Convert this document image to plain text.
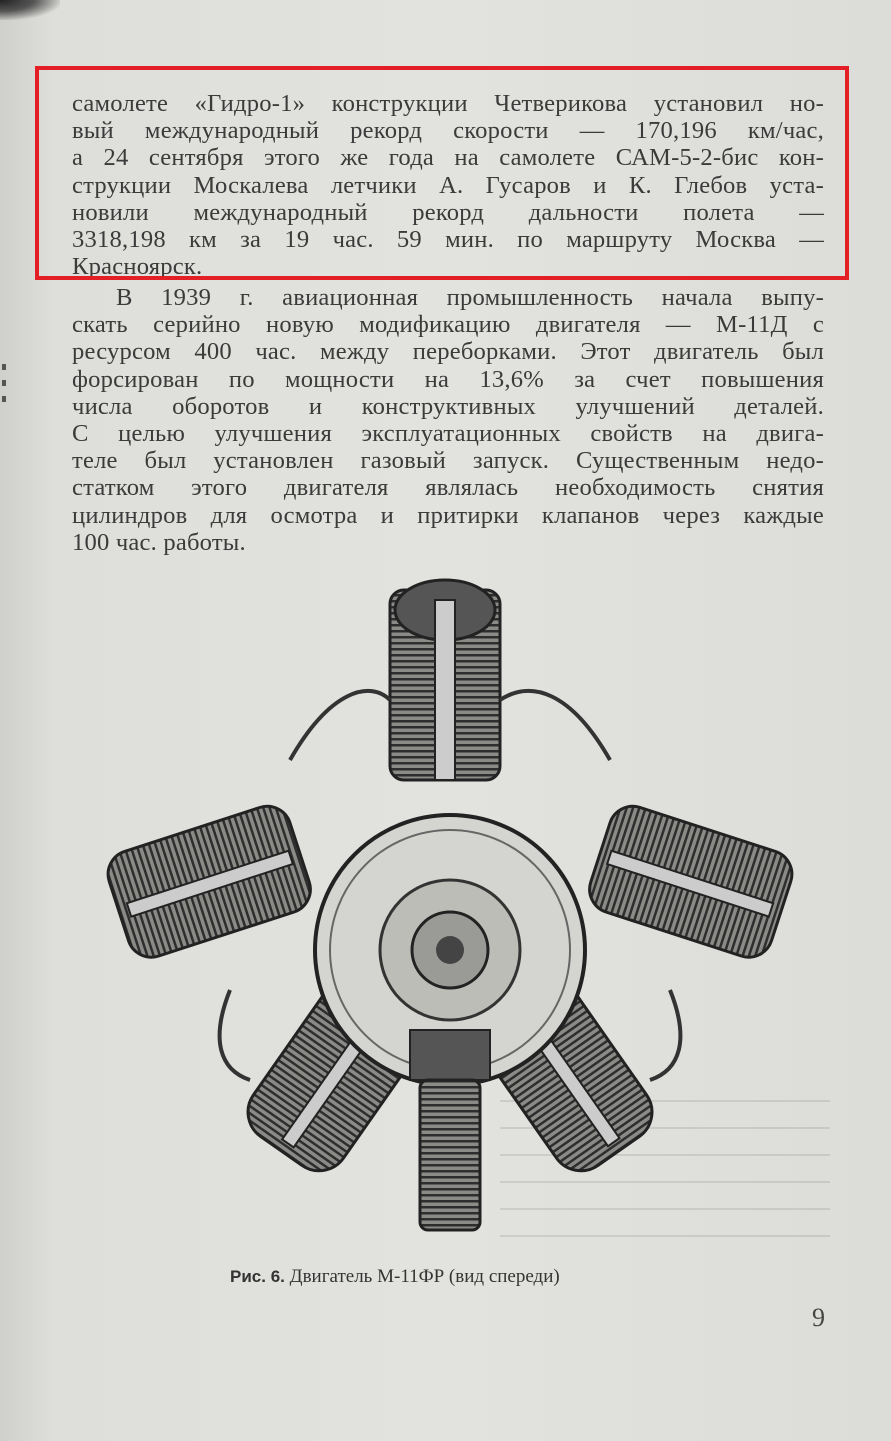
самолете «Гидро-1» конструкции Четверикова установил но-
вый международный рекорд скорости — 170,196 км/час,
а 24 сентября этого же года на самолете САМ-5-2-бис кон-
струкции Москалева летчики А. Гусаров и К. Глебов уста-
новили международный рекорд дальности полета —
3318,198 км за 19 час. 59 мин. по маршруту Москва —
Красноярск.
В 1939 г. авиационная промышленность начала выпу-
скать серийно новую модификацию двигателя — М-11Д с
ресурсом 400 час. между переборками. Этот двигатель был
форсирован по мощности на 13,6% за счет повышения
числа оборотов и конструктивных улучшений деталей.
С целью улучшения эксплуатационных свойств на двига-
теле был установлен газовый запуск. Существенным недо-
статком этого двигателя являлась необходимость снятия
цилиндров для осмотра и притирки клапанов через каждые
100 час. работы.
Рис. 6. Двигатель М-11ФР (вид спереди)
9
